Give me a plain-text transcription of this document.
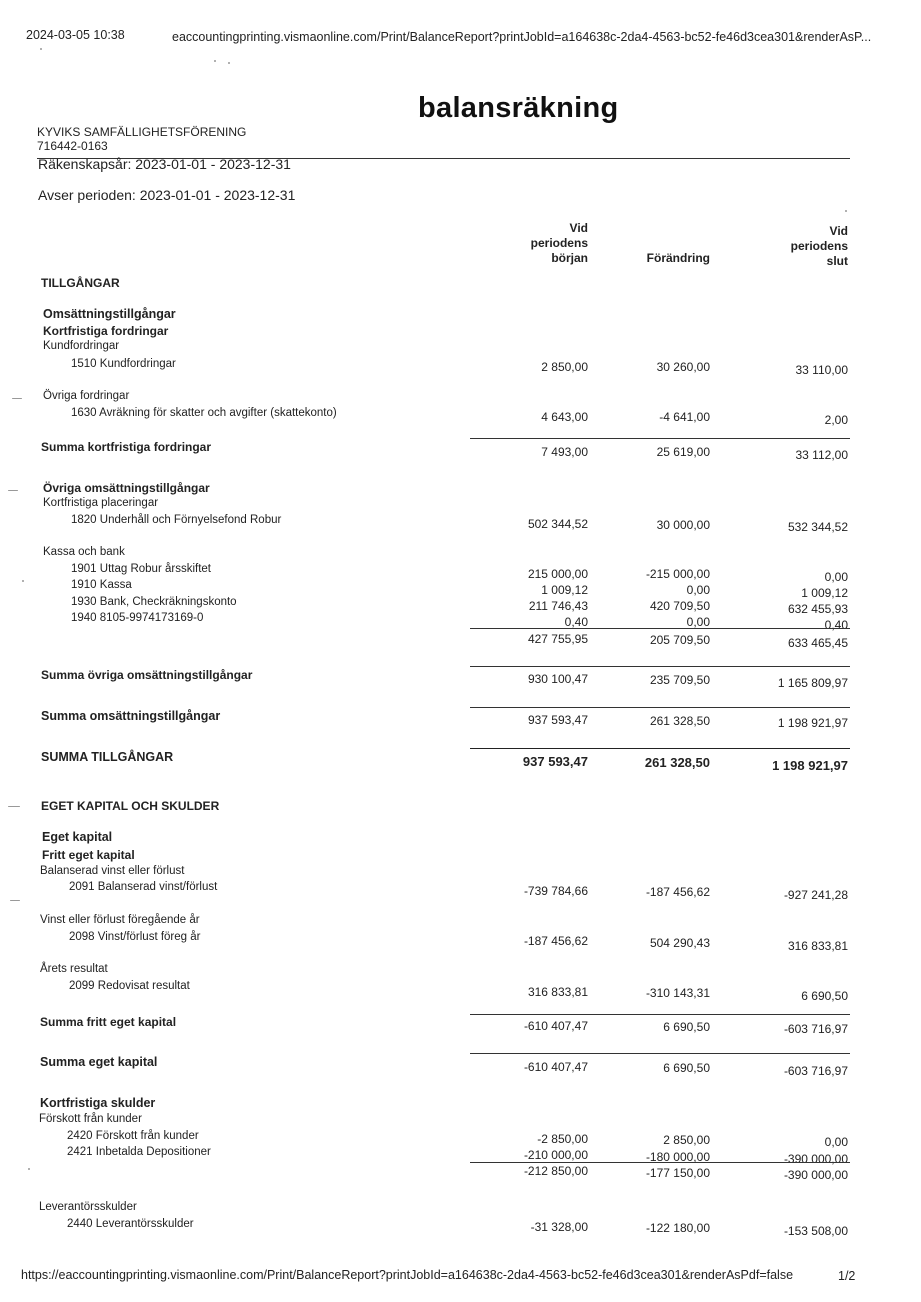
2024-03-05 10:38	eaccountingprinting.vismaonline.com/Print/BalanceReport?printJobId=a164638c-2da4-4563-bc52-fe46d3cea301&renderAsP...
balansräkning
KYVIKS SAMFÄLLIGHETSFÖRENING
716442-0163
Räkenskapsår: 2023-01-01 - 2023-12-31
Avser perioden: 2023-01-01 - 2023-12-31
Vid
periodens
början	Förändring
Vid
periodens
slut
TILLGÅNGAR
Omsättningstillgångar
Kortfristiga fordringar
Kundfordringar
1510 Kundfordringar	2 850,00	30 260,00	33 110,00
Övriga fordringar
1630 Avräkning för skatter och avgifter (skattekonto)	4 643,00	-4 641,00	2,00
Summa kortfristiga fordringar	7 493,00	25 619,00	33 112,00
Övriga omsättningstillgångar
Kortfristiga placeringar
1820 Underhåll och Förnyelsefond Robur	502 344,52	30 000,00	532 344,52
Kassa och bank
1901 Uttag Robur årsskiftet	215 000,00	-215 000,00	0,00
1910 Kassa	1 009,12	0,00	1 009,12
1930 Bank, Checkräkningskonto	211 746,43	420 709,50	632 455,93
1940 8105-9974173169-0	0,40	0,00	0,40
427 755,95	205 709,50	633 465,45
Summa övriga omsättningstillgångar	930 100,47	235 709,50	1 165 809,97
Summa omsättningstillgångar	937 593,47	261 328,50	1 198 921,97
SUMMA TILLGÅNGAR	937 593,47	261 328,50	1 198 921,97
EGET KAPITAL OCH SKULDER
Eget kapital
Fritt eget kapital
Balanserad vinst eller förlust
2091 Balanserad vinst/förlust	-739 784,66	-187 456,62	-927 241,28
Vinst eller förlust föregående år
2098 Vinst/förlust föreg år	-187 456,62	504 290,43	316 833,81
Årets resultat
2099 Redovisat resultat	316 833,81	-310 143,31	6 690,50
Summa fritt eget kapital	-610 407,47	6 690,50	-603 716,97
Summa eget kapital	-610 407,47	6 690,50	-603 716,97
Kortfristiga skulder
Förskott från kunder
2420 Förskott från kunder	-2 850,00	2 850,00	0,00
2421 Inbetalda Depositioner	-210 000,00	-180 000,00	-390 000,00
-212 850,00	-177 150,00	-390 000,00
Leverantörsskulder
2440 Leverantörsskulder	-31 328,00	-122 180,00	-153 508,00
https://eaccountingprinting.vismaonline.com/Print/BalanceReport?printJobId=a164638c-2da4-4563-bc52-fe46d3cea301&renderAsPdf=false	1/2
